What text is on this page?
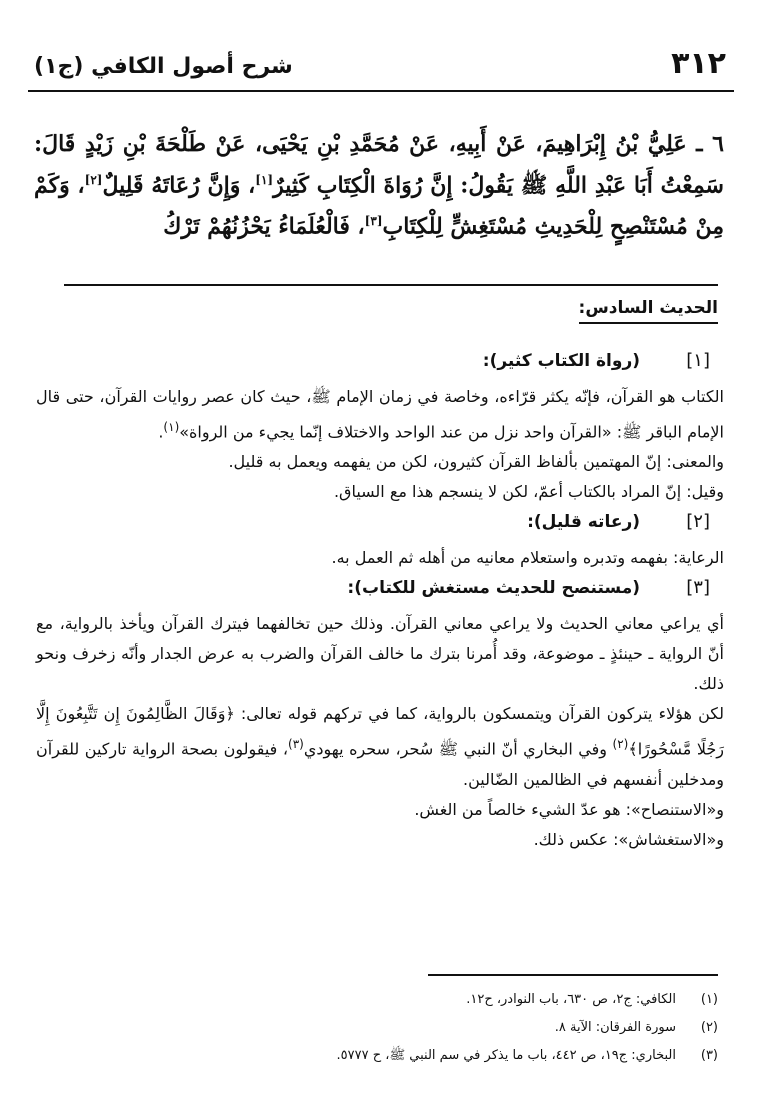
٣١٢
شرح أصول الكافي (ج١)
٦ ـ عَلِيُّ بْنُ إِبْرَاهِيمَ، عَنْ أَبِيهِ، عَنْ مُحَمَّدِ بْنِ يَحْيَى، عَنْ طَلْحَةَ بْنِ زَيْدٍ قَالَ: سَمِعْتُ أَبَا عَبْدِ اللَّهِ ﷺ يَقُولُ: إِنَّ رُوَاةَ الْكِتَابِ كَثِيرٌ[١]، وَإِنَّ رُعَاتَهُ قَلِيلٌ[٢]، وَكَمْ مِنْ مُسْتَنْصِحٍ لِلْحَدِيثِ مُسْتَغِشٍّ لِلْكِتَابِ[٣]، فَالْعُلَمَاءُ يَحْزُنُهُمْ تَرْكُ
الحديث السادس:
[١]
(رواة الكتاب كثير):

الكتاب هو القرآن، فإنّه يكثر قرّاءه، وخاصة في زمان الإمام ﷺ، حيث كان عصر روايات القرآن، حتى قال الإمام الباقر ﷺ: «القرآن واحد نزل من عند الواحد والاختلاف إنّما يجيء من الرواة»$^{(١)}$.

والمعنى: إنّ المهتمين بألفاظ القرآن كثيرون، لكن من يفهمه ويعمل به قليل.

وقيل: إنّ المراد بالكتاب أعمّ، لكن لا ينسجم هذا مع السياق.

[٢]
(رعاته قليل):

الرعاية: بفهمه وتدبره واستعلام معانيه من أهله ثم العمل به.

[٣]
(مستنصح للحديث مستغش للكتاب):

أي يراعي معاني الحديث ولا يراعي معاني القرآن. وذلك حين تخالفهما فيترك القرآن ويأخذ بالرواية، مع أنّ الرواية ـ حينئذٍ ـ موضوعة، وقد أُمرنا بترك ما خالف القرآن والضرب به عرض الجدار وأنّه زخرف ونحو ذلك.

لكن هؤلاء يتركون القرآن ويتمسكون بالرواية، كما في تركهم قوله تعالى: ﴿وَقَالَ الظَّالِمُونَ إِن تَتَّبِعُونَ إِلَّا رَجُلًا مَّسْحُورًا﴾$^{(٢)}$ وفي البخاري أنّ النبي ﷺ سُحر، سحره يهودي$^{(٣)}$، فيقولون بصحة الرواية تاركين للقرآن ومدخلين أنفسهم في الظالمين الضّالين.

و«الاستنصاح»: هو عدّ الشيء خالصاً من الغش.

و«الاستغشاش»: عكس ذلك.

(١)
الكافي: ج٢، ص ٦٣٠، باب النوادر، ح١٢.
(٢)
سورة الفرقان: الآية ٨.
(٣)
البخاري: ج١٩، ص ٤٤٢، باب ما يذكر في سم النبي ﷺ، ح ٥٧٧٧.
